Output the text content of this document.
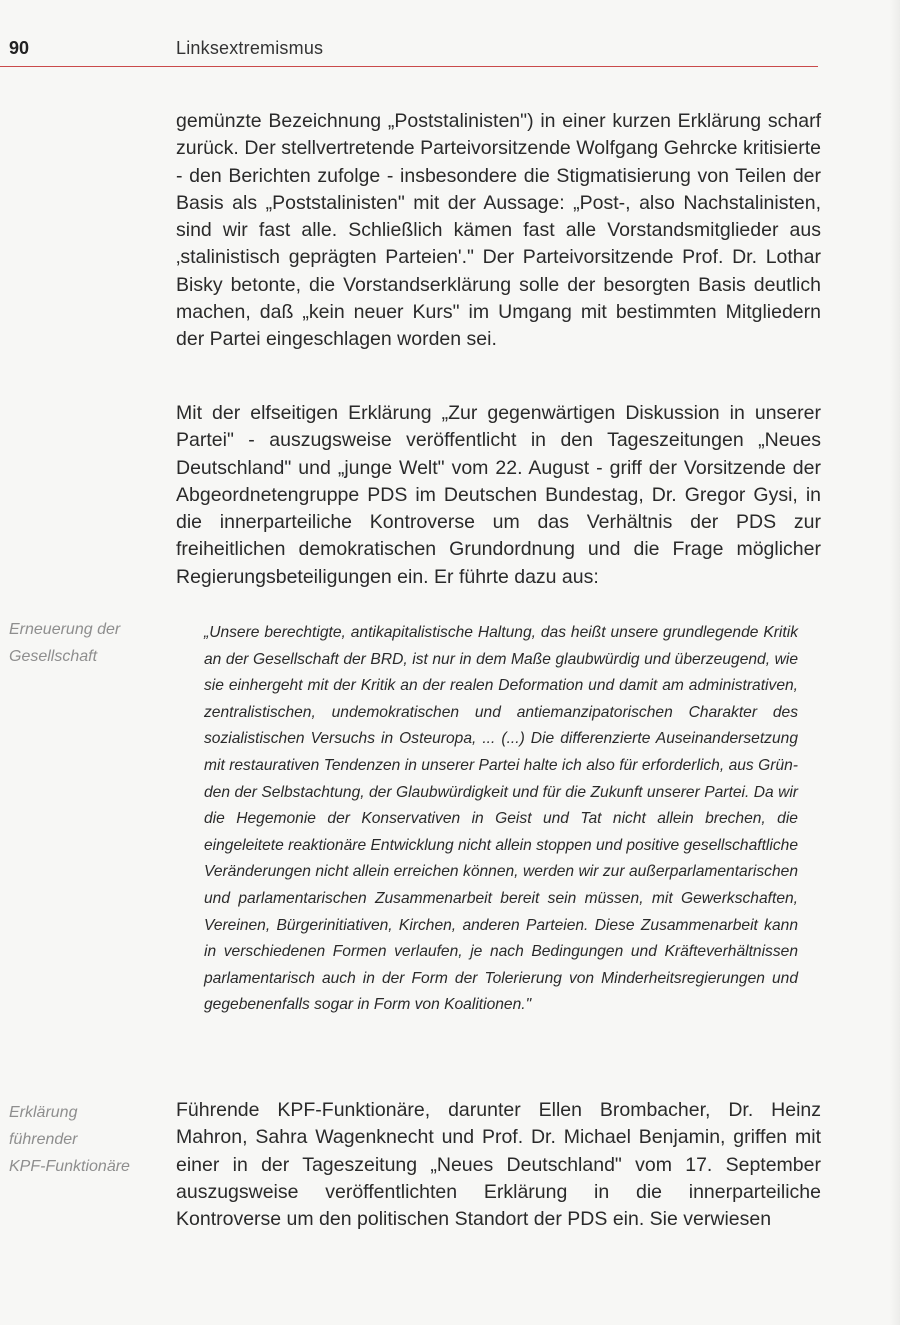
90	Linksextremismus

gemünzte Bezeichnung „Poststalinisten") in einer kurzen Erklärung scharf zurück. Der stellvertretende Parteivorsitzende Wolfgang Gehrcke kritisierte - den Berichten zufolge - insbesondere die Stigmatisierung von Teilen der Basis als „Poststalinisten" mit der Aussage: „Post-, also Nachstalinisten, sind wir fast alle. Schließlich kämen fast alle Vorstandsmitglieder aus ‚stalinistisch geprägten Parteien'." Der Parteivorsitzende Prof. Dr. Lothar Bisky betonte, die Vorstandserklärung solle der besorgten Basis deutlich machen, daß „kein neuer Kurs" im Umgang mit bestimmten Mitgliedern der Partei eingeschlagen worden sei.

Mit der elfseitigen Erklärung „Zur gegenwärtigen Diskussion in unserer Partei" - auszugsweise veröffentlicht in den Tageszeitungen „Neues Deutschland" und „junge Welt" vom 22. August - griff der Vorsitzende der Abgeordnetengruppe PDS im Deutschen Bundestag, Dr. Gregor Gysi, in die innerparteiliche Kontroverse um das Verhältnis der PDS zur freiheitlichen demokratischen Grundordnung und die Frage möglicher Regierungsbeteiligungen ein. Er führte dazu aus:

Erneuerung der
Gesellschaft

„Unsere berechtigte, antikapitalistische Haltung, das heißt unsere grundlegende Kritik an der Gesellschaft der BRD, ist nur in dem Maße glaubwürdig und überzeugend, wie sie einhergeht mit der Kritik an der realen Deformation und damit am administrativen, zentralistischen, undemokratischen und antiemanzipatorischen Charakter des sozialistischen Versuchs in Osteuropa, ... (...) Die differenzierte Auseinandersetzung mit restaurativen Tendenzen in unserer Partei halte ich also für erforderlich, aus Gründen der Selbstachtung, der Glaubwürdigkeit und für die Zukunft unserer Partei. Da wir die Hegemonie der Konservativen in Geist und Tat nicht allein brechen, die eingeleitete reaktionäre Entwicklung nicht allein stoppen und positive gesellschaftliche Veränderungen nicht allein erreichen können, werden wir zur außerparlamentarischen und parlamentarischen Zusammenarbeit bereit sein müssen, mit Gewerkschaften, Vereinen, Bürgerinitiativen, Kirchen, anderen Parteien. Diese Zusammenarbeit kann in verschiedenen Formen verlaufen, je nach Bedingungen und Kräfteverhältnissen parlamentarisch auch in der Form der Tolerierung von Minderheitsregierungen und gegebenenfalls sogar in Form von Koalitionen."

Erklärung
führender
KPF-Funktionäre

Führende KPF-Funktionäre, darunter Ellen Brombacher, Dr. Heinz Mahron, Sahra Wagenknecht und Prof. Dr. Michael Benjamin, griffen mit einer in der Tageszeitung „Neues Deutschland" vom 17. September auszugsweise veröffentlichten Erklärung in die innerparteiliche Kontroverse um den politischen Standort der PDS ein. Sie verwiesen
